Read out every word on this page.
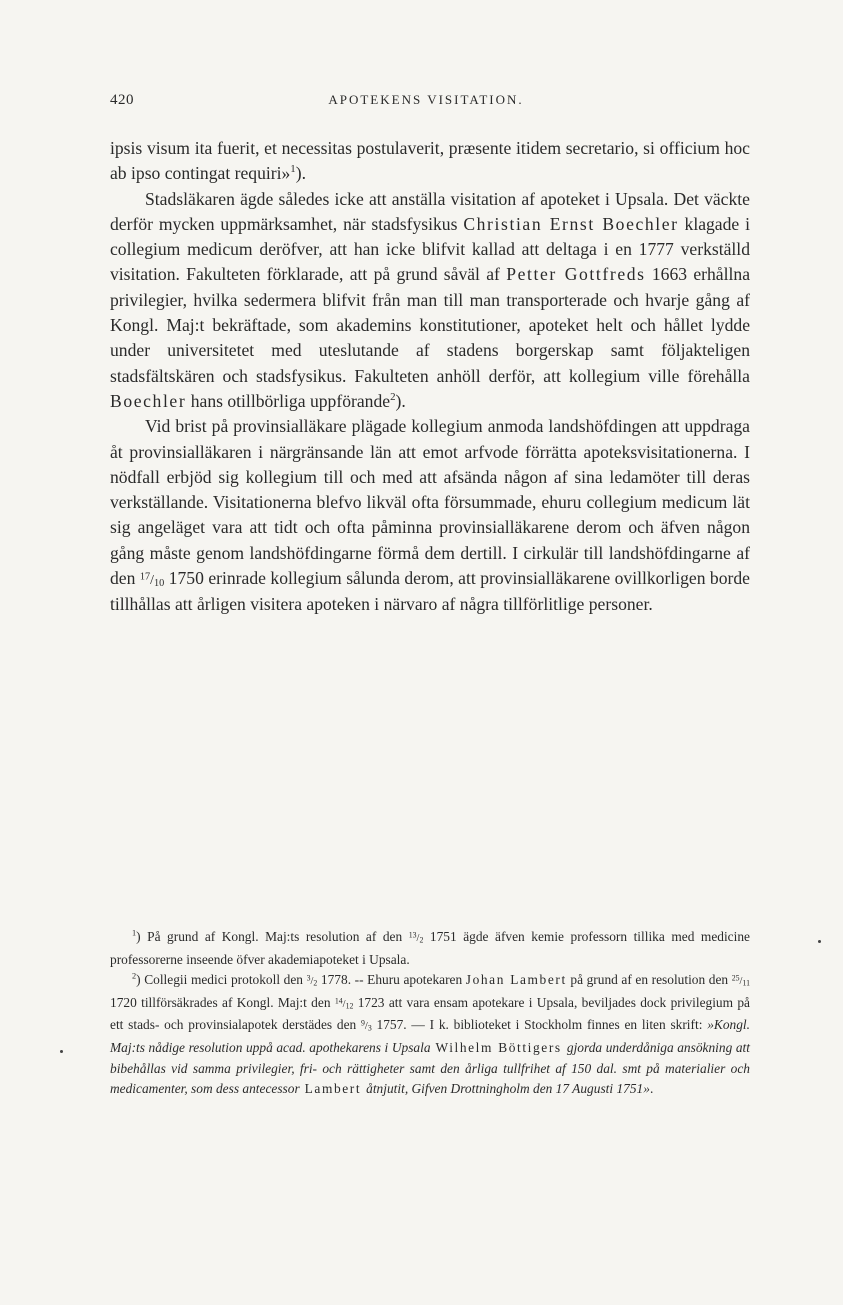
420	APOTEKENS VISITATION.

ipsis visum ita fuerit, et necessitas postulaverit, præsente itidem secretario, si officium hoc ab ipso contingat requiri»$^1$).

Stadsläkaren ägde således icke att anställa visitation af apoteket i Upsala. Det väckte derför mycken uppmärksamhet, när stadsfysikus Christian Ernst Boechler klagade i collegium medicum deröfver, att han icke blifvit kallad att deltaga i en 1777 verkställd visitation. Fakulteten förklarade, att på grund såväl af Petter Gottfreds 1663 erhållna privilegier, hvilka sedermera blifvit från man till man transporterade och hvarje gång af Kongl. Maj:t bekräftade, som akademins konstitutioner, apoteket helt och hållet lydde under universitetet med uteslutande af stadens borgerskap samt följakteligen stadsfältskären och stadsfysikus. Fakulteten anhöll derför, att kollegium ville förehålla Boechler hans otillbörliga uppförande$^2$).

Vid brist på provinsialläkare plägade kollegium anmoda landshöfdingen att uppdraga åt provinsialläkaren i närgränsande län att emot arfvode förrätta apoteksvisitationerna. I nödfall erbjöd sig kollegium till och med att afsända någon af sina ledamöter till deras verkställande. Visitationerna blefvo likväl ofta försummade, ehuru collegium medicum lät sig angeläget vara att tidt och ofta påminna provinsialläkarene derom och äfven någon gång måste genom landshöfdingarne förmå dem dertill. I cirkulär till landshöfdingarne af den $^{17}/_{10}$ 1750 erinrade kollegium sålunda derom, att provinsialläkarene ovillkorligen borde tillhållas att årligen visitera apoteken i närvaro af några tillförlitlige personer.

$^1$) På grund af Kongl. Maj:ts resolution af den $^{13}/_2$ 1751 ägde äfven kemie professorn tillika med medicine professorerne inseende öfver akademiapoteket i Upsala.

$^2$) Collegii medici protokoll den $^3/_2$ 1778. -- Ehuru apotekaren Johan Lambert på grund af en resolution den $^{25}/_{11}$ 1720 tillförsäkrades af Kongl. Maj:t den $^{14}/_{12}$ 1723 att vara ensam apotekare i Upsala, beviljades dock privilegium på ett stads- och provinsialapotek derstädes den $^9/_3$ 1757. — I k. biblioteket i Stockholm finnes en liten skrift: »Kongl. Maj:ts nådige resolution uppå acad. apothekarens i Upsala Wilhelm Böttigers gjorda underdåniga ansökning att bibehållas vid samma privilegier, fri- och rättigheter samt den årliga tullfrihet af 150 dal. smt på materialier och medicamenter, som dess antecessor Lambert åtnjutit, Gifven Drottningholm den 17 Augusti 1751».
